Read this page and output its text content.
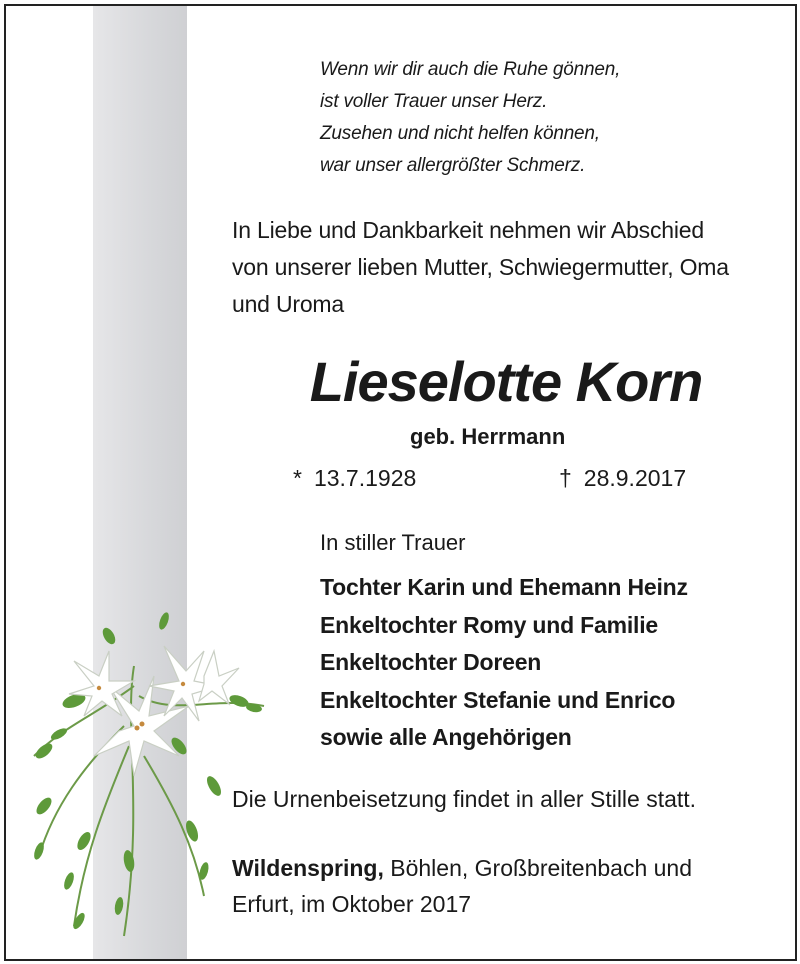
Wenn wir dir auch die Ruhe gönnen,
ist voller Trauer unser Herz.
Zusehen und nicht helfen können,
war unser allergrößter Schmerz.
In Liebe und Dankbarkeit nehmen wir Abschied
von unserer lieben Mutter, Schwiegermutter, Oma
und Uroma
Lieselotte Korn
geb. Herrmann
* 13.7.1928	† 28.9.2017
In stiller Trauer
Tochter Karin und Ehemann Heinz
Enkeltochter Romy und Familie
Enkeltochter Doreen
Enkeltochter Stefanie und Enrico
sowie alle Angehörigen
Die Urnenbeisetzung findet in aller Stille statt.
Wildenspring, Böhlen, Großbreitenbach und
Erfurt, im Oktober 2017
